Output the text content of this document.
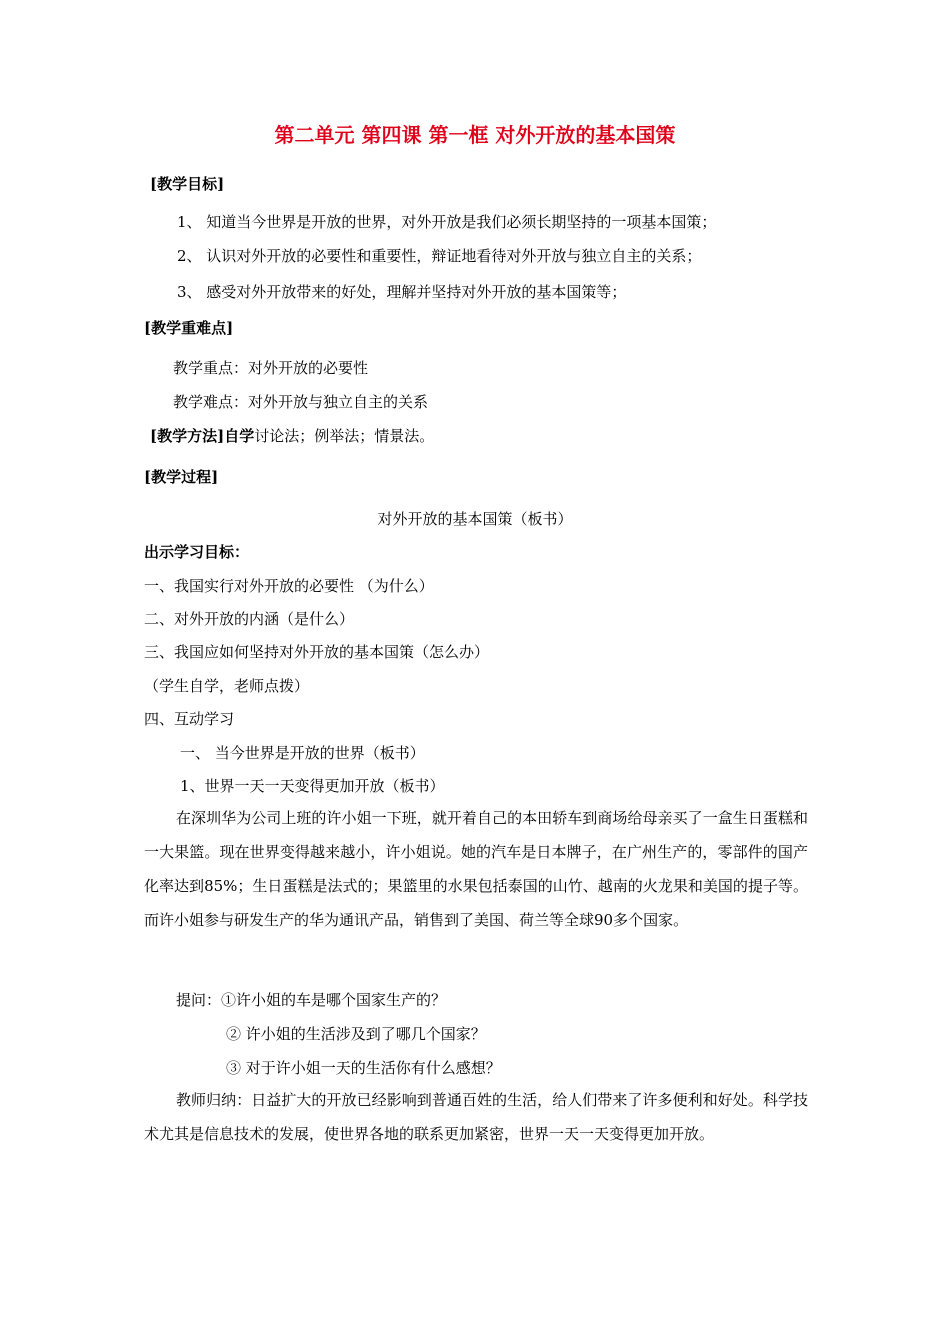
第二单元 第四课 第一框 对外开放的基本国策
[教学目标]
1、 知道当今世界是开放的世界，对外开放是我们必须长期坚持的一项基本国策；
2、 认识对外开放的必要性和重要性，辩证地看待对外开放与独立自主的关系；
3、 感受对外开放带来的好处，理解并坚持对外开放的基本国策等；
[教学重难点]
教学重点：对外开放的必要性
教学难点：对外开放与独立自主的关系
[教学方法]自学讨论法；例举法；情景法。
[教学过程]
对外开放的基本国策（板书）
出示学习目标：
一、我国实行对外开放的必要性 （为什么）
二、对外开放的内涵（是什么）
三、我国应如何坚持对外开放的基本国策（怎么办）
（学生自学，老师点拨）
四、互动学习
一、 当今世界是开放的世界（板书）
1、世界一天一天变得更加开放（板书）
在深圳华为公司上班的许小姐一下班，就开着自己的本田轿车到商场给母亲买了一盒生日蛋糕和一大果篮。现在世界变得越来越小，许小姐说。她的汽车是日本牌子，在广州生产的，零部件的国产化率达到85%；生日蛋糕是法式的；果篮里的水果包括泰国的山竹、越南的火龙果和美国的提子等。而许小姐参与研发生产的华为通讯产品，销售到了美国、荷兰等全球90多个国家。
提问：①许小姐的车是哪个国家生产的？
② 许小姐的生活涉及到了哪几个国家？
③ 对于许小姐一天的生活你有什么感想？
教师归纳：日益扩大的开放已经影响到普通百姓的生活，给人们带来了许多便利和好处。科学技术尤其是信息技术的发展，使世界各地的联系更加紧密，世界一天一天变得更加开放。
